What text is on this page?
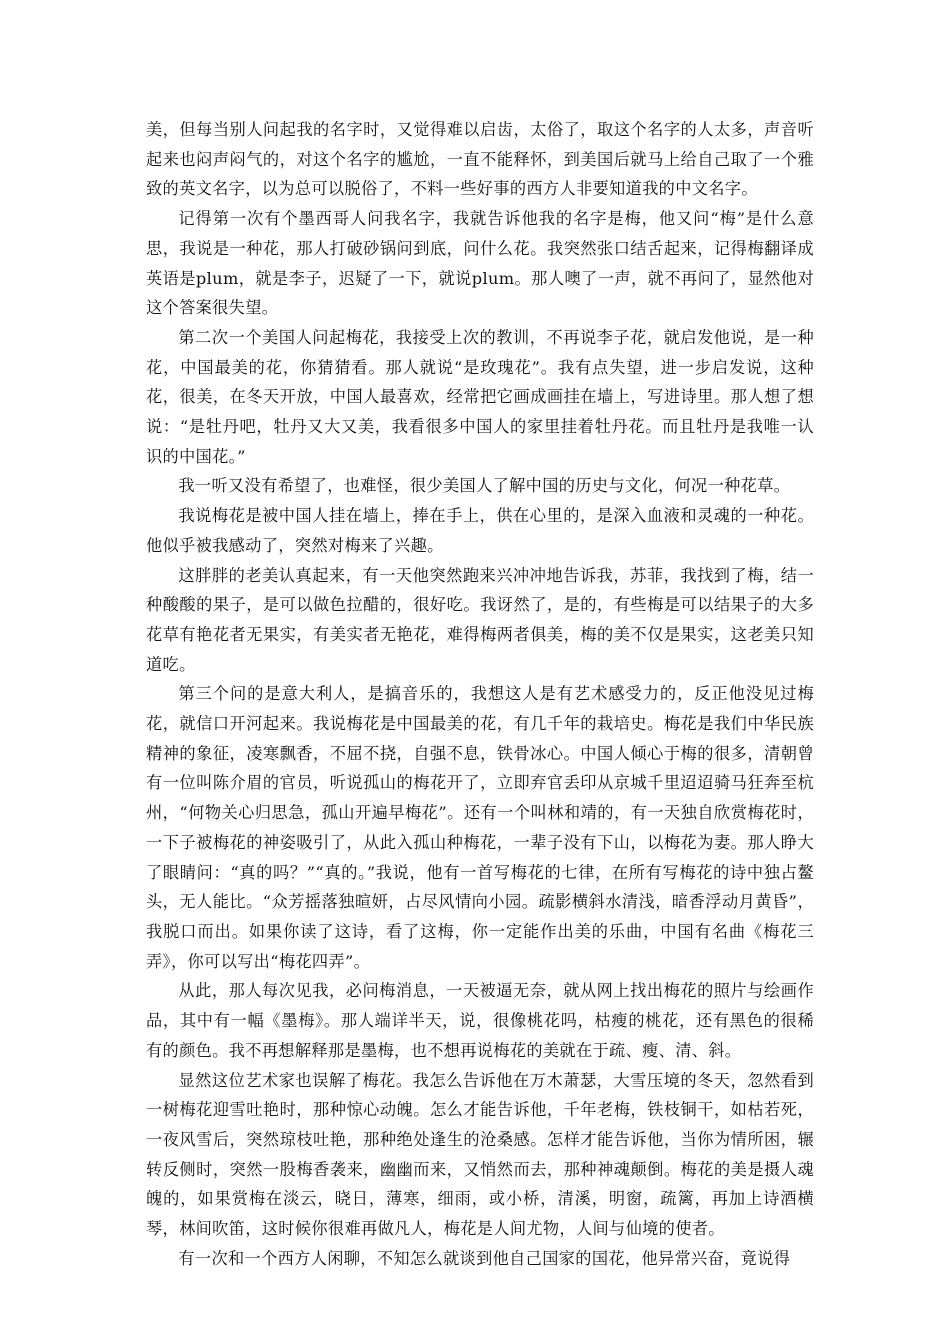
美，但每当别人问起我的名字时，又觉得难以启齿，太俗了，取这个名字的人太多，声音听起来也闷声闷气的，对这个名字的尴尬，一直不能释怀，到美国后就马上给自己取了一个雅致的英文名字，以为总可以脱俗了，不料一些好事的西方人非要知道我的中文名字。

记得第一次有个墨西哥人问我名字，我就告诉他我的名字是梅，他又问“梅”是什么意思，我说是一种花，那人打破砂锅问到底，问什么花。我突然张口结舌起来，记得梅翻译成英语是plum，就是李子，迟疑了一下，就说plum。那人噢了一声，就不再问了，显然他对这个答案很失望。

第二次一个美国人问起梅花，我接受上次的教训，不再说李子花，就启发他说，是一种花，中国最美的花，你猜猜看。那人就说“是玫瑰花”。我有点失望，进一步启发说，这种花，很美，在冬天开放，中国人最喜欢，经常把它画成画挂在墙上，写进诗里。那人想了想说：“是牡丹吧，牡丹又大又美，我看很多中国人的家里挂着牡丹花。而且牡丹是我唯一认识的中国花。”

我一听又没有希望了，也难怪，很少美国人了解中国的历史与文化，何况一种花草。

我说梅花是被中国人挂在墙上，捧在手上，供在心里的，是深入血液和灵魂的一种花。他似乎被我感动了，突然对梅来了兴趣。

这胖胖的老美认真起来，有一天他突然跑来兴冲冲地告诉我，苏菲，我找到了梅，结一种酸酸的果子，是可以做色拉醋的，很好吃。我讶然了，是的，有些梅是可以结果子的大多花草有艳花者无果实，有美实者无艳花，难得梅两者俱美，梅的美不仅是果实，这老美只知道吃。

第三个问的是意大利人，是搞音乐的，我想这人是有艺术感受力的，反正他没见过梅花，就信口开河起来。我说梅花是中国最美的花，有几千年的栽培史。梅花是我们中华民族精神的象征，凌寒飘香，不屈不挠，自强不息，铁骨冰心。中国人倾心于梅的很多，清朝曾有一位叫陈介眉的官员，听说孤山的梅花开了，立即弃官丢印从京城千里迢迢骑马狂奔至杭州，“何物关心归思急，孤山开遍早梅花”。还有一个叫林和靖的，有一天独自欣赏梅花时，一下子被梅花的神姿吸引了，从此入孤山种梅花，一辈子没有下山，以梅花为妻。那人睁大了眼睛问：“真的吗？”“真的。”我说，他有一首写梅花的七律，在所有写梅花的诗中独占鳌头，无人能比。“众芳摇落独暄妍，占尽风情向小园。疏影横斜水清浅，暗香浮动月黄昏”，我脱口而出。如果你读了这诗，看了这梅，你一定能作出美的乐曲，中国有名曲《梅花三弄》，你可以写出“梅花四弄”。

从此，那人每次见我，必问梅消息，一天被逼无奈，就从网上找出梅花的照片与绘画作品，其中有一幅《墨梅》。那人端详半天，说，很像桃花吗，枯瘦的桃花，还有黑色的很稀有的颜色。我不再想解释那是墨梅，也不想再说梅花的美就在于疏、瘦、清、斜。

显然这位艺术家也误解了梅花。我怎么告诉他在万木萧瑟，大雪压境的冬天，忽然看到一树梅花迎雪吐艳时，那种惊心动魄。怎么才能告诉他，千年老梅，铁枝铜干，如枯若死，一夜风雪后，突然琼枝吐艳，那种绝处逢生的沧桑感。怎样才能告诉他，当你为情所困，辗转反侧时，突然一股梅香袭来，幽幽而来，又悄然而去，那种神魂颠倒。梅花的美是摄人魂魄的，如果赏梅在淡云，晓日，薄寒，细雨，或小桥，清溪，明窗，疏篱，再加上诗酒横琴，林间吹笛，这时候你很难再做凡人，梅花是人间尤物，人间与仙境的使者。

有一次和一个西方人闲聊，不知怎么就谈到他自己国家的国花，他异常兴奋，竟说得
